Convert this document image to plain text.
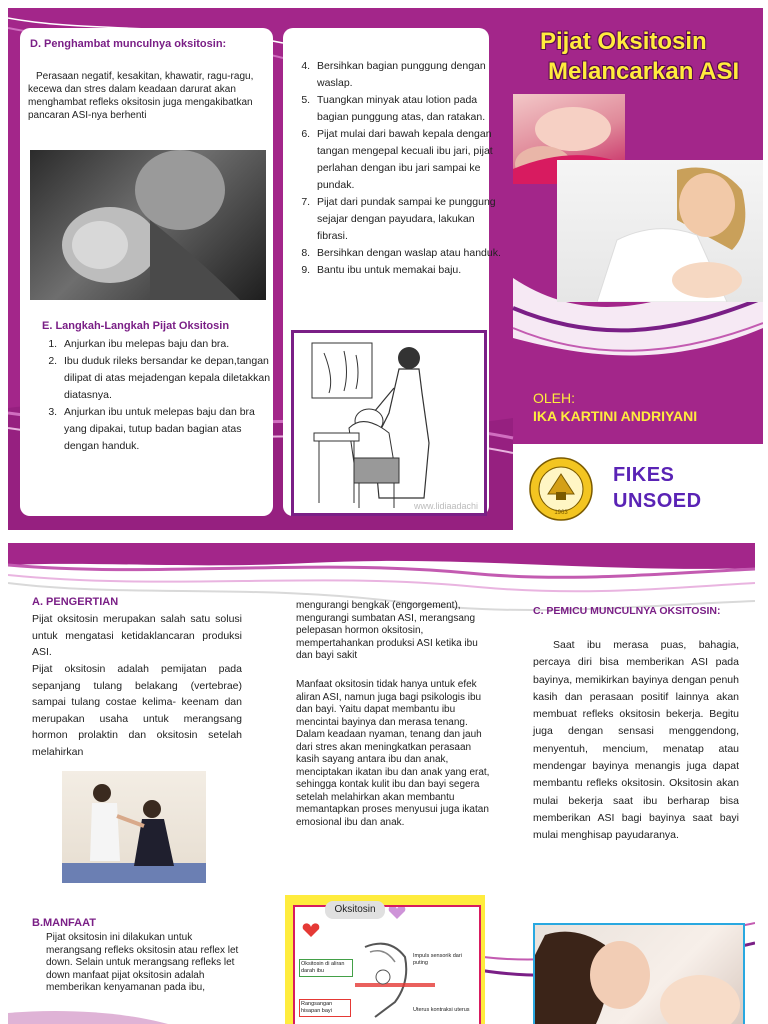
D. Penghambat munculnya oksitosin:
Perasaan negatif, kesakitan, khawatir, ragu-ragu, kecewa dan stres dalam keadaan darurat akan menghambat refleks oksitosin juga mengakibatkan pancaran ASI-nya berhenti
E. Langkah-Langkah Pijat Oksitosin
1. Anjurkan ibu melepas baju dan bra.
2. Ibu duduk rileks bersandar ke depan,tangan dilipat di atas mejadengan kepala diletakkan diatasnya.
3. Anjurkan ibu untuk melepas baju dan bra yang dipakai, tutup badan bagian atas dengan handuk.
4. Bersihkan bagian punggung dengan waslap.
5. Tuangkan minyak atau lotion pada bagian punggung atas, dan ratakan.
6. Pijat mulai dari bawah kepala dengan tangan mengepal kecuali ibu jari, pijat perlahan dengan ibu jari sampai ke pundak.
7. Pijat dari pundak sampai ke punggung sejajar dengan payudara, lakukan fibrasi.
8. Bersihkan dengan waslap atau handuk.
9. Bantu ibu untuk memakai baju.
www.lidiaadachi
Pijat Oksitosin
Melancarkan ASI
OLEH:
IKA KARTINI ANDRIYANI
1963
FIKES
UNSOED
A. PENGERTIAN
Pijat oksitosin merupakan salah satu solusi untuk mengatasi ketidaklancaran produksi ASI.
Pijat oksitosin adalah pemijatan pada sepanjang tulang belakang (vertebrae) sampai tulang costae kelima- keenam dan merupakan usaha untuk merangsang hormon prolaktin dan oksitosin setelah melahirkan
B.MANFAAT
Pijat oksitosin ini dilakukan untuk merangsang refleks oksitosin atau reflex let down. Selain untuk merangsang refleks let down manfaat pijat oksitosin adalah memberikan kenyamanan pada ibu,
mengurangi bengkak (engorgement), mengurangi sumbatan ASI, merangsang pelepasan hormon oksitosin, mempertahankan produksi ASI ketika ibu dan bayi sakit
Manfaat oksitosin tidak hanya untuk efek aliran ASI, namun juga bagi psikologis ibu dan bayi. Yaitu dapat membantu ibu mencintai bayinya dan merasa tenang. Dalam keadaan nyaman, tenang dan jauh dari stres akan meningkatkan perasaan kasih sayang antara ibu dan anak, menciptakan ikatan ibu dan anak yang erat, sehingga kontak kulit ibu dan bayi segera setelah melahirkan akan membantu memantapkan proses menyusui juga ikatan emosional ibu dan anak.
Oksitosin
Oksitosin di aliran darah ibu
Impuls sensorik dari puting
Rangsangan hisapan bayi	Uterus kontraksi uterus
C. PEMICU MUNCULNYA OKSITOSIN:
Saat ibu merasa puas, bahagia, percaya diri bisa memberikan ASI pada bayinya, memikirkan bayinya dengan penuh kasih dan perasaan positif lainnya akan membuat refleks oksitosin bekerja. Begitu juga dengan sensasi menggendong, menyentuh, mencium, menatap atau mendengar bayinya menangis juga dapat membantu refleks oksitosin. Oksitosin akan mulai bekerja saat ibu berharap bisa memberikan ASI bagi bayinya saat bayi mulai menghisap payudaranya.
